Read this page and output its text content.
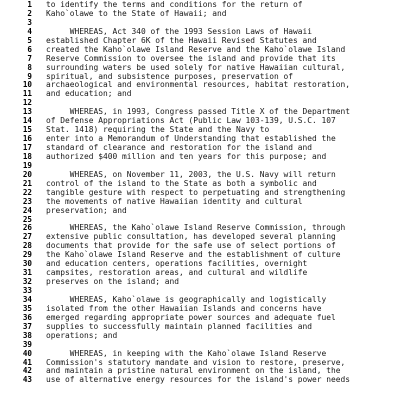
1 to identify the terms and conditions for the return of
2 Kaho`olawe to the State of Hawaii; and
3
4 WHEREAS, Act 340 of the 1993 Session Laws of Hawaii
5 established Chapter 6K of the Hawaii Revised Statutes and
6 created the Kaho`olawe Island Reserve and the Kaho`olawe Island
7 Reserve Commission to oversee the island and provide that its
8 surrounding waters be used solely for native Hawaiian cultural,
9 spiritual, and subsistence purposes, preservation of
10 archaeological and environmental resources, habitat restoration,
11 and education; and
12
13 WHEREAS, in 1993, Congress passed Title X of the Department
14 of Defense Appropriations Act (Public Law 103-139, U.S.C. 107
15 Stat. 1418) requiring the State and the Navy to
16 enter into a Memorandum of Understanding that established the
17 standard of clearance and restoration for the island and
18 authorized $400 million and ten years for this purpose; and
19
20 WHEREAS, on November 11, 2003, the U.S. Navy will return
21 control of the island to the State as both a symbolic and
22 tangible gesture with respect to perpetuating and strengthening
23 the movements of native Hawaiian identity and cultural
24 preservation; and
25
26 WHEREAS, the Kaho`olawe Island Reserve Commission, through
27 extensive public consultation, has developed several planning
28 documents that provide for the safe use of select portions of
29 the Kaho`olawe Island Reserve and the establishment of culture
30 and education centers, operations facilities, overnight
31 campsites, restoration areas, and cultural and wildlife
32 preserves on the island; and
33
34 WHEREAS, Kaho`olawe is geographically and logistically
35 isolated from the other Hawaiian Islands and concerns have
36 emerged regarding appropriate power sources and adequate fuel
37 supplies to successfully maintain planned facilities and
38 operations; and
39
40 WHEREAS, in keeping with the Kaho`olawe Island Reserve
41 Commission's statutory mandate and vision to restore, preserve,
42 and maintain a pristine natural environment on the island, the
43 use of alternative energy resources for the island's power needs
